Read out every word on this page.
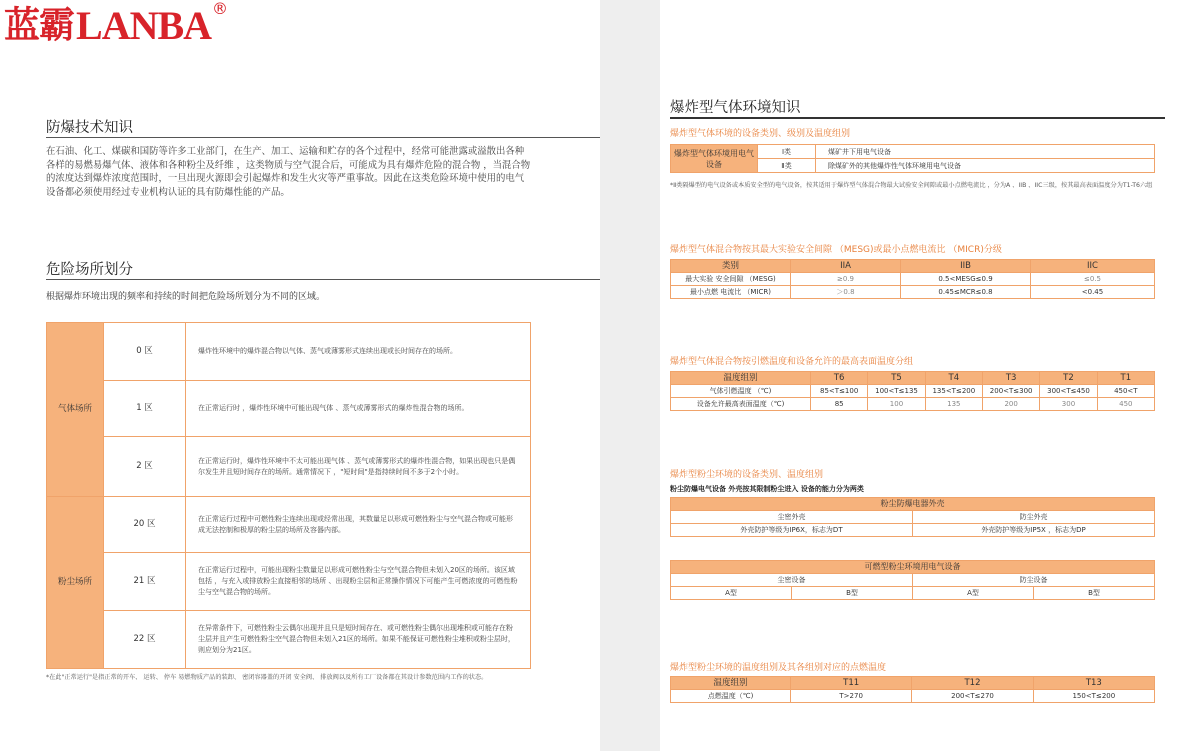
蓝霸 LANBA ®
防爆技术知识
在石油、化工、煤碳和国防等许多工业部门，在生产、加工、运输和贮存的各个过程中，经常可能泄露或溢散出各种各样的易燃易爆气体、液体和各种粉尘及纤维 ，这类物质与空气混合后，可能成为具有爆炸危险的混合物 ，当混合物的浓度达到爆炸浓度范围时，一旦出现火源即会引起爆炸和发生火灾等严重事故。因此在这类危险环境中使用的电气设备都必须使用经过专业机构认证的具有防爆性能的产品。
危险场所划分
根据爆炸环境出现的频率和持续的时间把危险场所划分为不同的区域。
气体场所	0 区	爆炸性环境中的爆炸混合物以气体、蒸气或薄雾形式连续出现或长时间存在的场所。
	1 区	在正常运行时 ，爆炸性环境中可能出现气体 、蒸气或薄雾形式的爆炸性混合物的场所。
	2 区	在正常运行时，爆炸性环境中不太可能出现气体 、蒸气或薄雾形式的爆炸性混合物，如果出现也只是偶尔发生并且短时间存在的场所。通常情况下 ，"短时间"是指持续时间不多于2个小时。
粉尘场所	20 区	在正常运行过程中可燃性粉尘连续出现或经常出现，其数量足以形成可燃性粉尘与空气混合物或可能形成无法控制和极厚的粉尘层的场所及容器内部。
	21 区	在正常运行过程中，可能出现粉尘数量足以形成可燃性粉尘与空气混合物但未划入20区的场所。该区域包括 ，与充入或排放粉尘直接相邻的场所 、出现粉尘层和正常操作情况下可能产生可燃浓度的可燃性粉尘与空气混合物的场所。
	22 区	在异常条件下，可燃性粉尘云偶尔出现并且只是短时间存在、或可燃性粉尘偶尔出现堆积或可能存在粉尘层并且产生可燃性粉尘空气混合物但未划入21区的场所。如果不能保证可燃性粉尘堆积或粉尘层时，则应划分为21区。
*在此"正常运行"是指正常的开车、 运转、 停车 易燃物质产品的装卸、 密闭容器盖的开闭 安全阀、 排放阀以及所有工厂设备都在其设计参数范围内工作的状态。
爆炸型气体环境知识
爆炸型气体环境的设备类别、级别及温度组别
爆炸型气体环境用电气设备	Ⅰ类	煤矿井下用电气设备
	Ⅱ类	除煤矿外的其他爆炸性气体环境用电气设备
*Ⅱ类隔爆型的电气设备或本质安全型的电气设备，按其适用于爆炸型气体混合物最大试验安全间隙或最小点燃电流比 ，分为A 、IIB 、IIC三级，按其最高表面温度分为T1-T6六组
爆炸型气体混合物按其最大实验安全间隙 （MESG)或最小点燃电流比 （MICR)分级
类别	IIA	IIB	IIC
最大实验 安全间隙 （MESG)	≥0.9	0.5<MESG≤0.9	≤0.5
最小点燃 电流比 （MICR)	＞0.8	0.45≤MCR≤0.8	<0.45
爆炸型气体混合物按引燃温度和设备允许的最高表面温度分组
温度组别	T6	T5	T4	T3	T2	T1
气体引燃温度 （℃)	85<T≤100	100<T≤135	135<T≤200	200<T≤300	300<T≤450	450<T
设备允许最高表面温度（℃)	85	100	135	200	300	450
爆炸型粉尘环境的设备类别、温度组别
粉尘防爆电气设备 外壳按其限制粉尘进入 设备的能力分为两类
粉尘防爆电器外壳	
尘密外壳	防尘外壳
外壳防护等级为IP6X，标志为DT	外壳防护等级为IP5X ，标志为DP
可燃型粉尘环境用电气设备			
尘密设备		防尘设备	
A型	B型	A型	B型
爆炸型粉尘环境的温度组别及其各组别对应的点燃温度
温度组别	T11	T12	T13
点燃温度（℃)	T>270	200<T≤270	150<T≤200
